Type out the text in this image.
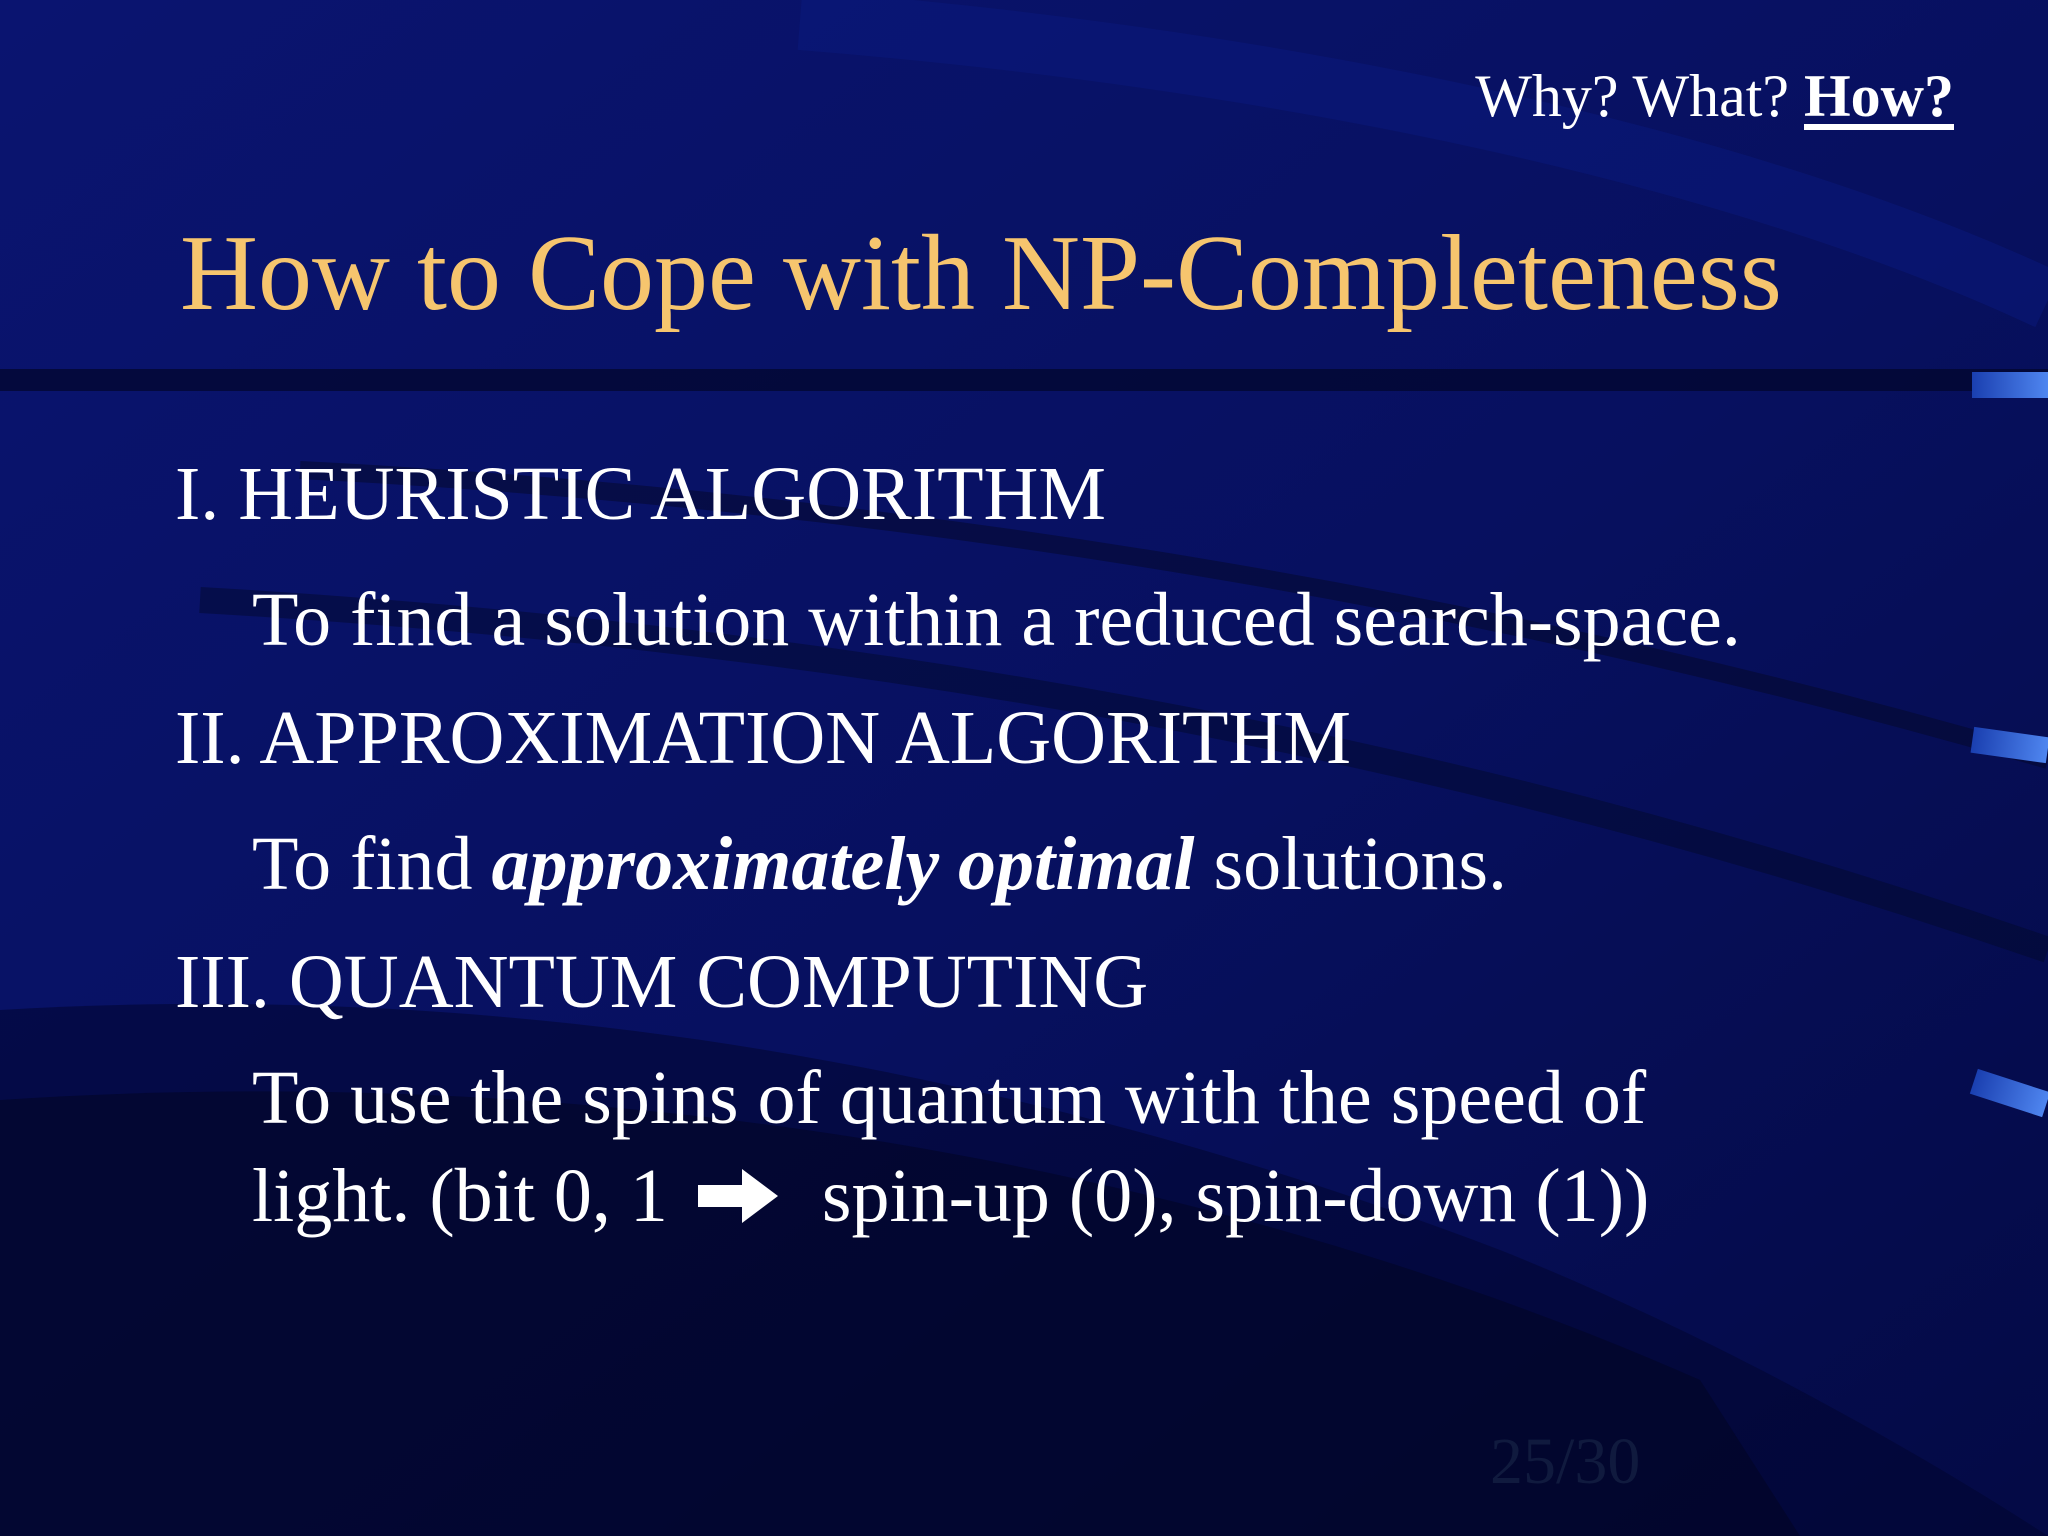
Why? What? How?
How to Cope with NP-Completeness
I. HEURISTIC ALGORITHM
To find a solution within a reduced search-space.
II. APPROXIMATION ALGORITHM
To find approximately optimal solutions.
III. QUANTUM COMPUTING
To use the spins of quantum with the speed of
light. (bit 0, 1 spin-up (0), spin-down (1))
25/30
